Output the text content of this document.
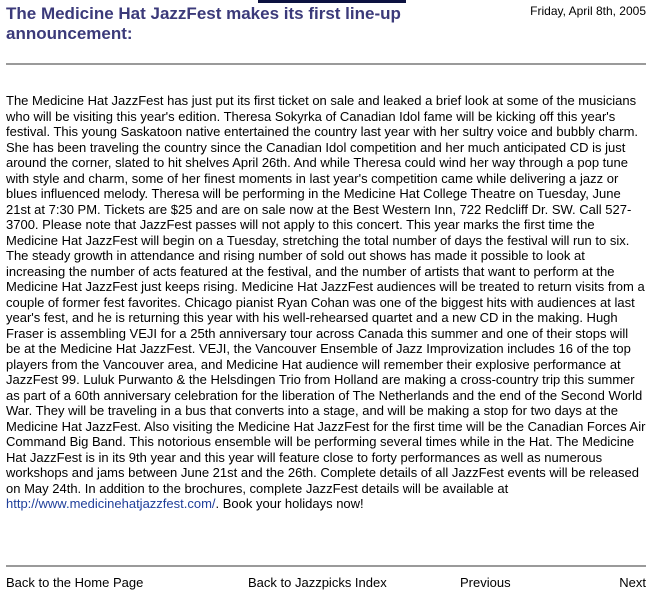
The Medicine Hat JazzFest makes its first line-up announcement:
Friday, April 8th, 2005

The Medicine Hat JazzFest has just put its first ticket on sale and leaked a brief look at some of the musicians who will be visiting this year's edition. Theresa Sokyrka of Canadian Idol fame will be kicking off this year's festival. This young Saskatoon native entertained the country last year with her sultry voice and bubbly charm. She has been traveling the country since the Canadian Idol competition and her much anticipated CD is just around the corner, slated to hit shelves April 26th. And while Theresa could wind her way through a pop tune with style and charm, some of her finest moments in last year's competition came while delivering a jazz or blues influenced melody. Theresa will be performing in the Medicine Hat College Theatre on Tuesday, June 21st at 7:30 PM. Tickets are $25 and are on sale now at the Best Western Inn, 722 Redcliff Dr. SW. Call 527-3700. Please note that JazzFest passes will not apply to this concert. This year marks the first time the Medicine Hat JazzFest will begin on a Tuesday, stretching the total number of days the festival will run to six. The steady growth in attendance and rising number of sold out shows has made it possible to look at increasing the number of acts featured at the festival, and the number of artists that want to perform at the Medicine Hat JazzFest just keeps rising. Medicine Hat JazzFest audiences will be treated to return visits from a couple of former fest favorites. Chicago pianist Ryan Cohan was one of the biggest hits with audiences at last year's fest, and he is returning this year with his well-rehearsed quartet and a new CD in the making. Hugh Fraser is assembling VEJI for a 25th anniversary tour across Canada this summer and one of their stops will be at the Medicine Hat JazzFest. VEJI, the Vancouver Ensemble of Jazz Improvization includes 16 of the top players from the Vancouver area, and Medicine Hat audience will remember their explosive performance at JazzFest 99. Luluk Purwanto & the Helsdingen Trio from Holland are making a cross-country trip this summer as part of a 60th anniversary celebration for the liberation of The Netherlands and the end of the Second World War. They will be traveling in a bus that converts into a stage, and will be making a stop for two days at the Medicine Hat JazzFest. Also visiting the Medicine Hat JazzFest for the first time will be the Canadian Forces Air Command Big Band. This notorious ensemble will be performing several times while in the Hat. The Medicine Hat JazzFest is in its 9th year and this year will feature close to forty performances as well as numerous workshops and jams between June 21st and the 26th. Complete details of all JazzFest events will be released on May 24th. In addition to the brochures, complete JazzFest details will be available at http://www.medicinehatjazzfest.com/. Book your holidays now!

Back to the Home Page	Back to Jazzpicks Index	Previous	Next
